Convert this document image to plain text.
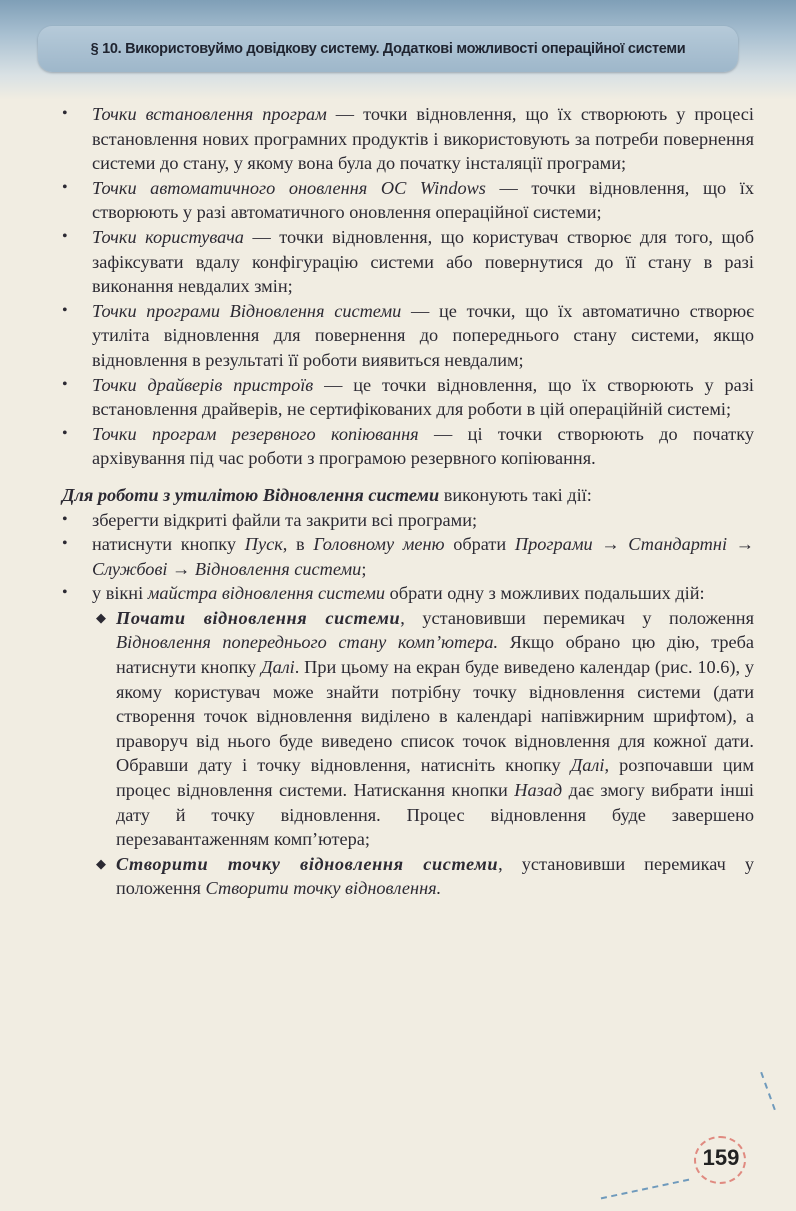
§ 10. Використовуймо довідкову систему. Додаткові можливості операційної системи
•	Точки встановлення програм — точки відновлення, що їх створюють у процесі встановлення нових програмних продуктів і використовують за потреби повернення системи до стану, у якому вона була до початку інсталяції програми;
•	Точки автоматичного оновлення ОС Windows — точки відновлення, що їх створюють у разі автоматичного оновлення операційної системи;
•	Точки користувача — точки відновлення, що користувач створює для того, щоб зафіксувати вдалу конфігурацію системи або повернутися до її стану в разі виконання невдалих змін;
•	Точки програми Відновлення системи — це точки, що їх автоматично створює утиліта відновлення для повернення до попереднього стану системи, якщо відновлення в результаті її роботи виявиться невдалим;
•	Точки драйверів пристроїв — це точки відновлення, що їх створюють у разі встановлення драйверів, не сертифікованих для роботи в цій операційній системі;
•	Точки програм резервного копіювання — ці точки створюють до початку архівування під час роботи з програмою резервного копіювання.
Для роботи з утилітою Відновлення системи виконують такі дії:
•	зберегти відкриті файли та закрити всі програми;
•	натиснути кнопку Пуск, в Головному меню обрати Програми → Стандартні → Службові → Відновлення системи;
•	у вікні майстра відновлення системи обрати одну з можливих подальших дій:
◆ Почати відновлення системи, установивши перемикач у положення Відновлення попереднього стану комп’ютера. Якщо обрано цю дію, треба натиснути кнопку Далі. При цьому на екран буде виведено календар (рис. 10.6), у якому користувач може знайти потрібну точку відновлення системи (дати створення точок відновлення виділено в календарі напівжирним шрифтом), а праворуч від нього буде виведено список точок відновлення для кожної дати. Обравши дату і точку відновлення, натисніть кнопку Далі, розпочавши цим процес відновлення системи. Натискання кнопки Назад дає змогу вибрати інші дату й точку відновлення. Процес відновлення буде завершено перезавантаженням комп’ютера;
◆ Створити точку відновлення системи, установивши перемикач у положення Створити точку відновлення.
159
